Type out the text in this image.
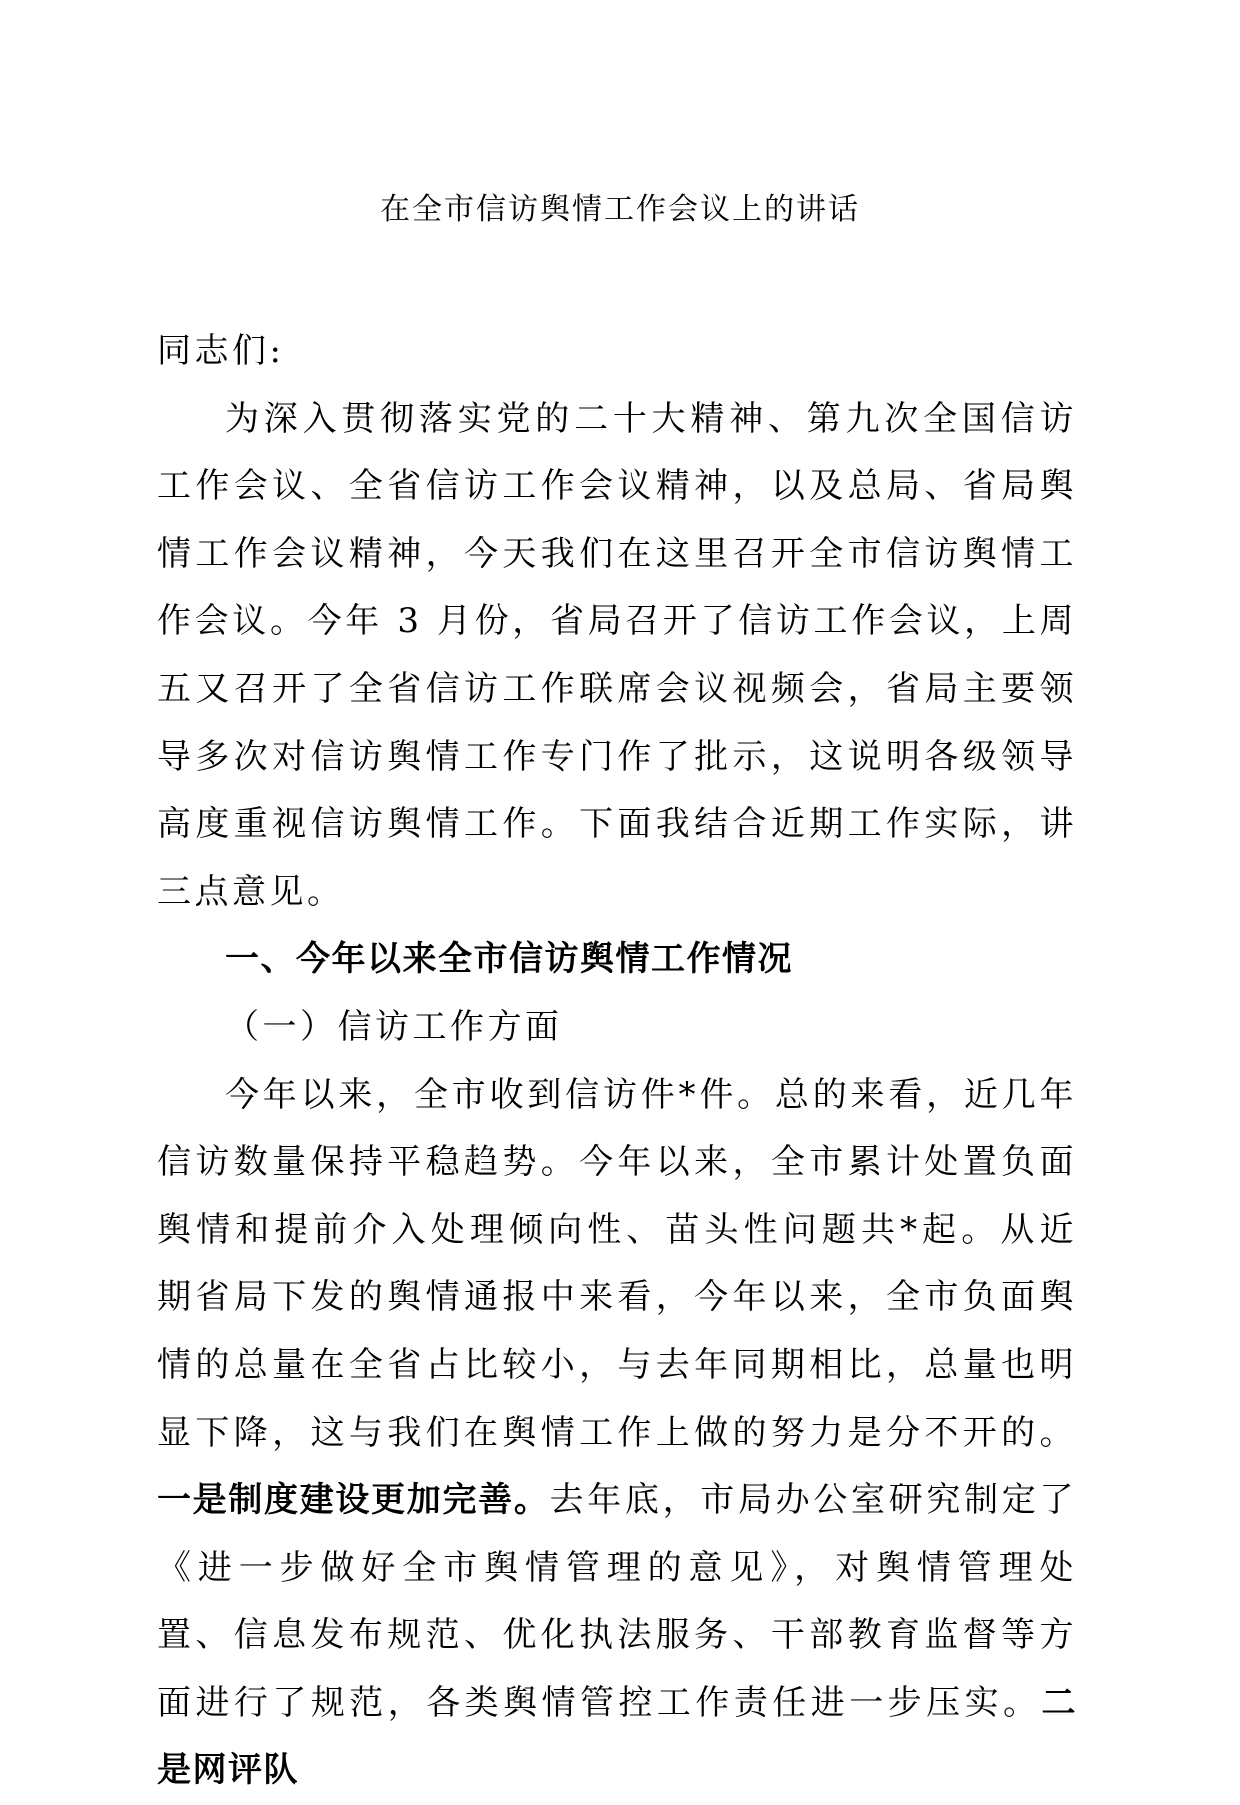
在全市信访舆情工作会议上的讲话

同志们:

为深入贯彻落实党的二十大精神、第九次全国信访工作会议、全省信访工作会议精神，以及总局、省局舆情工作会议精神，今天我们在这里召开全市信访舆情工作会议。今年 3 月份，省局召开了信访工作会议，上周五又召开了全省信访工作联席会议视频会，省局主要领导多次对信访舆情工作专门作了批示，这说明各级领导高度重视信访舆情工作。下面我结合近期工作实际，讲三点意见。

一、今年以来全市信访舆情工作情况

（一）信访工作方面

今年以来，全市收到信访件*件。总的来看，近几年信访数量保持平稳趋势。今年以来，全市累计处置负面舆情和提前介入处理倾向性、苗头性问题共*起。从近期省局下发的舆情通报中来看，今年以来，全市负面舆情的总量在全省占比较小，与去年同期相比，总量也明显下降，这与我们在舆情工作上做的努力是分不开的。一是制度建设更加完善。去年底，市局办公室研究制定了《进一步做好全市舆情管理的意见》，对舆情管理处置、信息发布规范、优化执法服务、干部教育监督等方面进行了规范，各类舆情管控工作责任进一步压实。二是网评队
